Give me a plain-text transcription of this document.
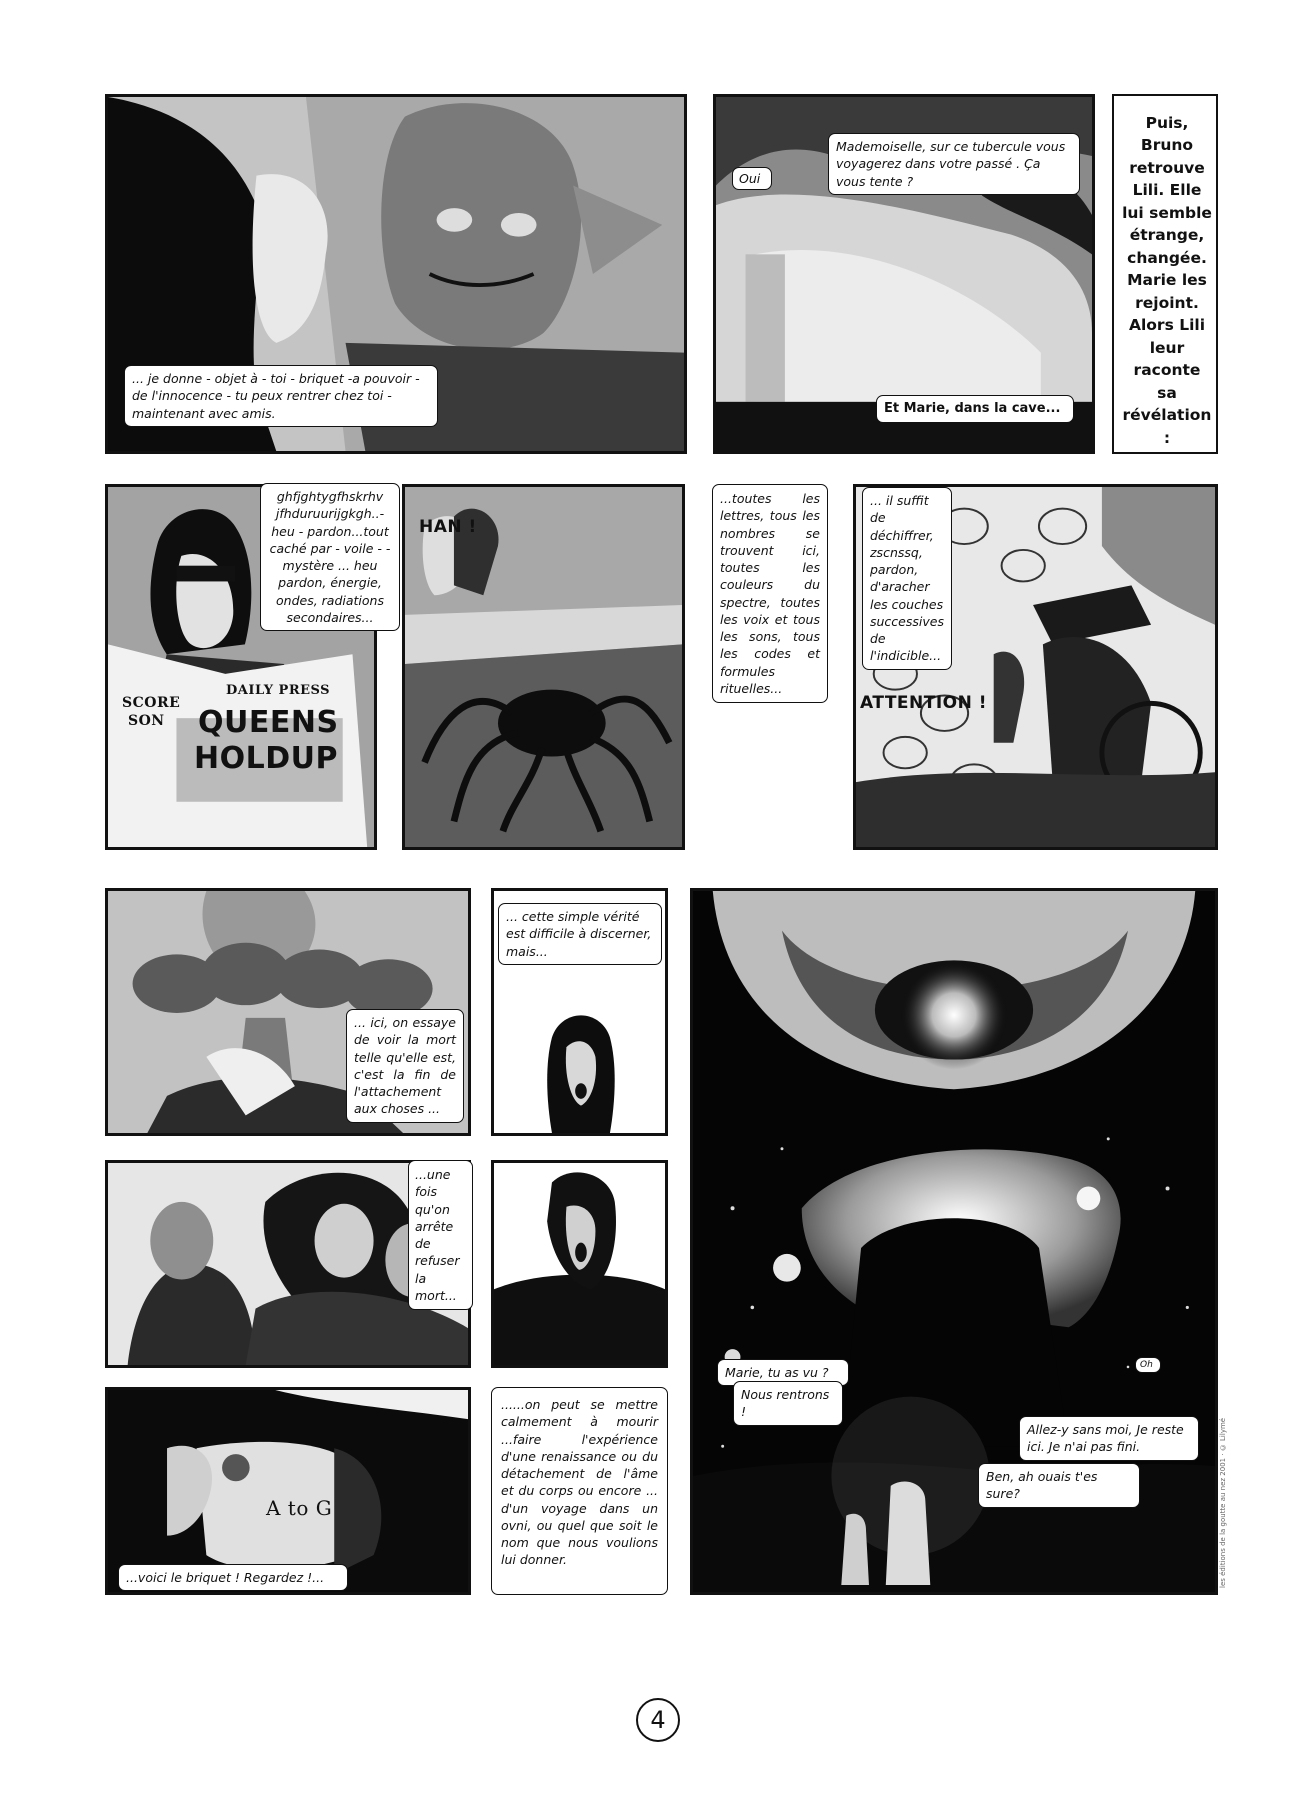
... je donne - objet à - toi - briquet -a pouvoir - de l'innocence - tu peux rentrer chez toi - maintenant avec amis.
Oui
Mademoiselle, sur ce tubercule vous voyagerez dans votre passé . Ça vous tente ?
Et Marie, dans la cave...
Puis, Bruno retrouve Lili. Elle lui semble étrange, changée. Marie les rejoint. Alors Lili leur raconte sa révélation :
DAILY PRESS
QUEENS
HOLDUP
SCORE
SON
ghfjghtygfhskrhv jfhduruurijgkgh..-heu - pardon...tout caché par - voile - - mystère ... heu pardon, énergie, ondes, radiations secondaires...
HAN !
...toutes les lettres, tous les nombres se trouvent ici, toutes les couleurs du spectre, toutes les voix et tous les sons, tous les codes et formules rituelles...
... il suffit de déchiffrer, zscnssq, pardon, d'aracher les couches successives de l'indicible...
ATTENTION !
... ici, on essaye de voir la mort telle qu'elle est, c'est la fin de l'attachement aux choses ...
... cette simple vérité est difficile à discerner, mais...
...une fois qu'on arrête de refuser la mort...
A to G
...voici le briquet ! Regardez !...
......on peut se mettre calmement à mourir ...faire l'expérience d'une renaissance ou du détachement de l'âme et du corps ou encore ... d'un voyage dans un ovni, ou quel que soit le nom que nous voulions lui donner.
Marie, tu as vu ?
Nous rentrons !
Oh
Allez-y sans moi, Je reste ici. Je n'ai pas fini.
Ben, ah ouais t'es sure?	les éditions de la goutte au nez 2001 · © Lilymé
4
